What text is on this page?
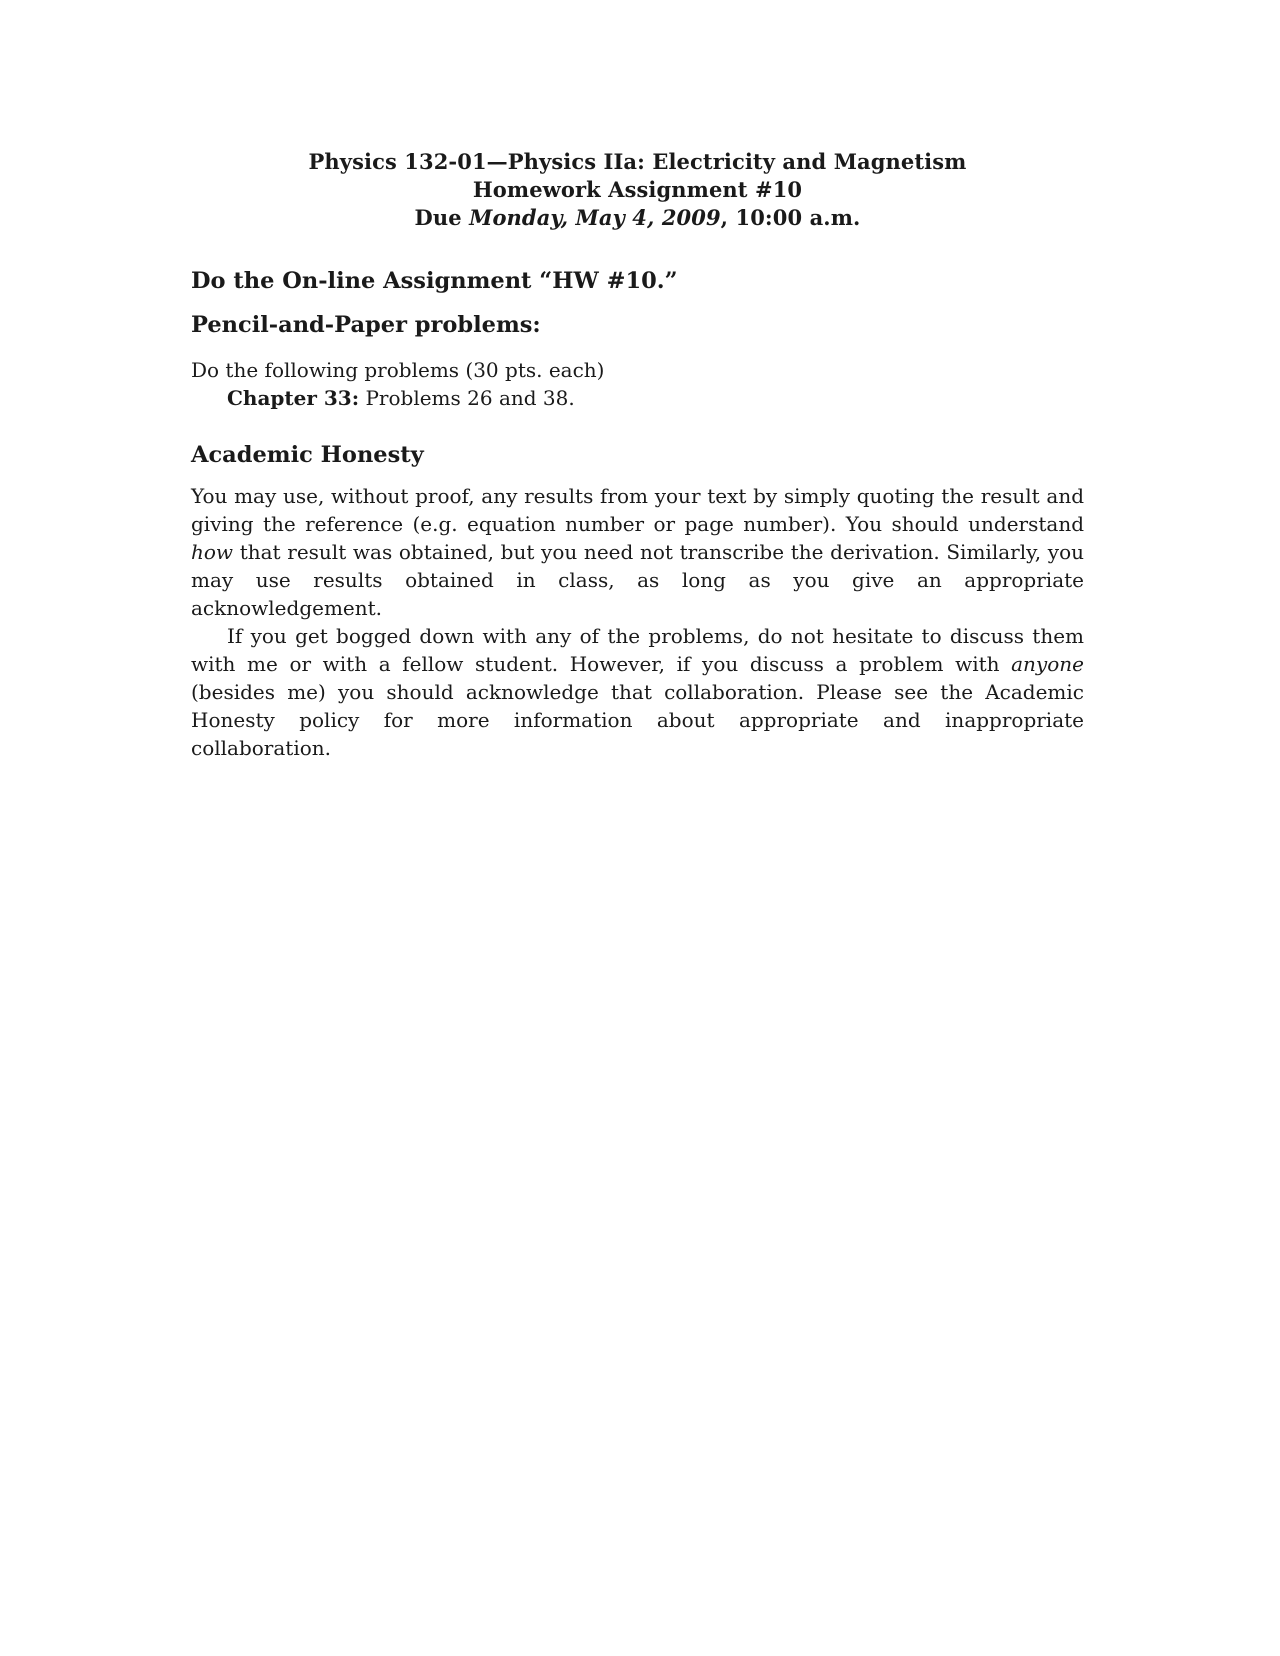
Physics 132-01—Physics IIa: Electricity and Magnetism
Homework Assignment #10
Due Monday, May 4, 2009, 10:00 a.m.
Do the On-line Assignment “HW #10.”
Pencil-and-Paper problems:
Do the following problems (30 pts. each)
Chapter 33: Problems 26 and 38.
Academic Honesty

You may use, without proof, any results from your text by simply quoting the result and giving the reference (e.g. equation number or page number). You should understand how that result was obtained, but you need not transcribe the derivation. Similarly, you may use results obtained in class, as long as you give an appropriate acknowledgement.

If you get bogged down with any of the problems, do not hesitate to discuss them with me or with a fellow student. However, if you discuss a problem with anyone (besides me) you should acknowledge that collaboration. Please see the Academic Honesty policy for more information about appropriate and inappropriate collaboration.
